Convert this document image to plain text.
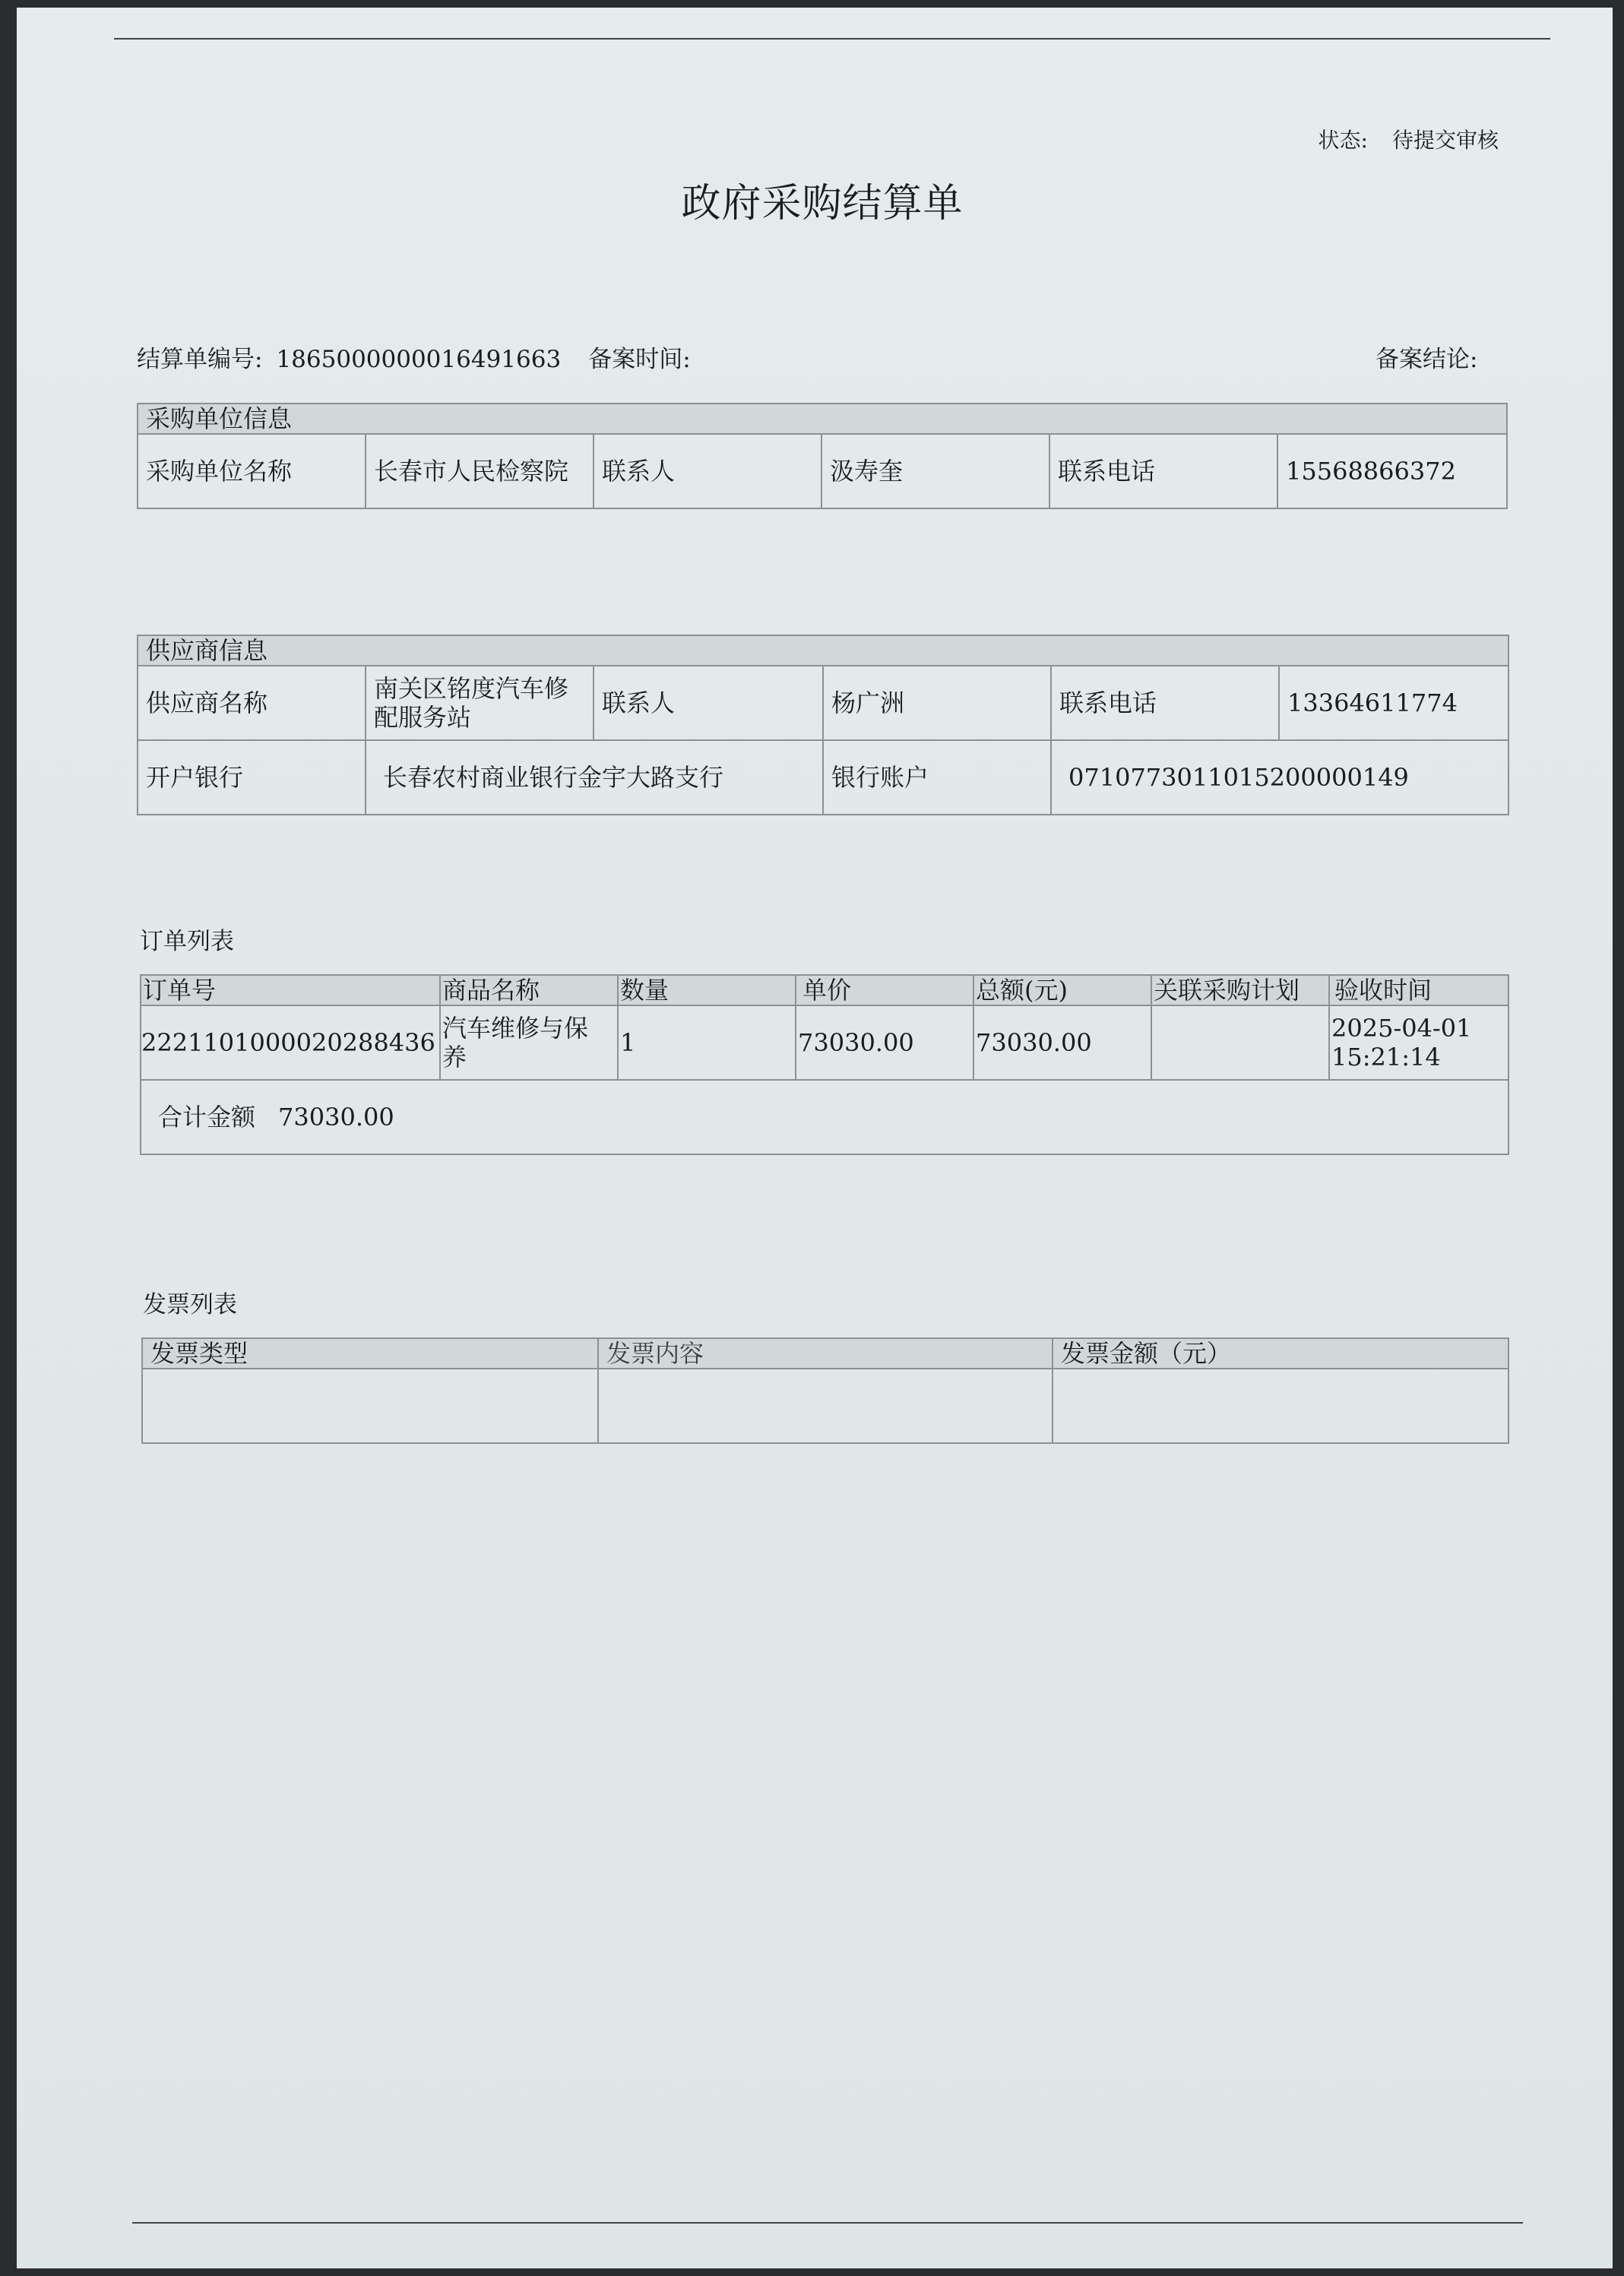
状态: 待提交审核
政府采购结算单
结算单编号: 1865000000016491663 备案时间:	备案结论:
采购单位信息
采购单位名称	长春市人民检察院	联系人	汲寿奎	联系电话	15568866372
供应商信息					
供应商名称	南关区铭度汽车修配服务站	联系人	杨广洲	联系电话	13364611774
开户银行	长春农村商业银行金宇大路支行		银行账户	0710773011015200000149	
订单列表
订单号	商品名称	数量	单价	总额(元)	关联采购计划	验收时间
2221101000020288436	汽车维修与保养	1	73030.00	73030.00		2025-04-01 15:21:14
合计金额 73030.00						
发票列表
发票类型	发票内容	发票金额（元）
